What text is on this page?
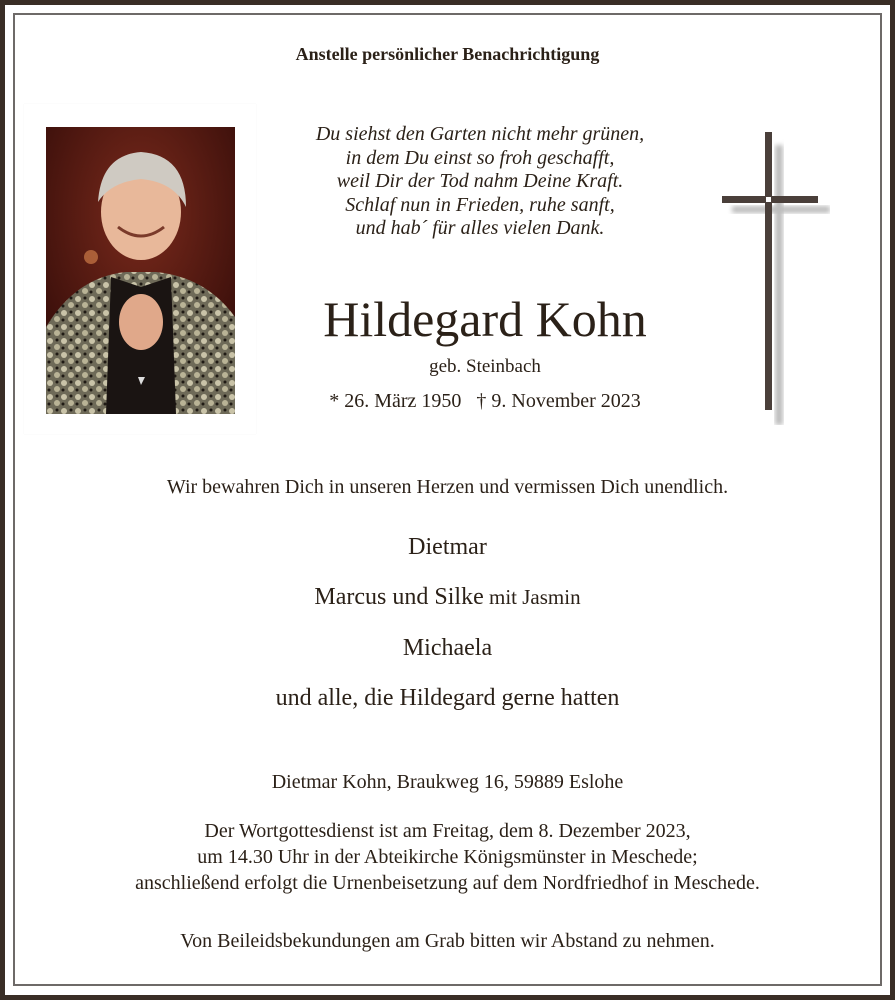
Anstelle persönlicher Benachrichtigung
Du siehst den Garten nicht mehr grünen,
in dem Du einst so froh geschafft,
weil Dir der Tod nahm Deine Kraft.
Schlaf nun in Frieden, ruhe sanft,
und hab´ für alles vielen Dank.
Hildegard Kohn
geb. Steinbach
* 26. März 1950 † 9. November 2023
Wir bewahren Dich in unseren Herzen und vermissen Dich unendlich.
Dietmar
Marcus und Silke mit Jasmin
Michaela
und alle, die Hildegard gerne hatten
Dietmar Kohn, Braukweg 16, 59889 Eslohe
Der Wortgottesdienst ist am Freitag, dem 8. Dezember 2023,
um 14.30 Uhr in der Abteikirche Königsmünster in Meschede;
anschließend erfolgt die Urnenbeisetzung auf dem Nordfriedhof in Meschede.
Von Beileidsbekundungen am Grab bitten wir Abstand zu nehmen.
